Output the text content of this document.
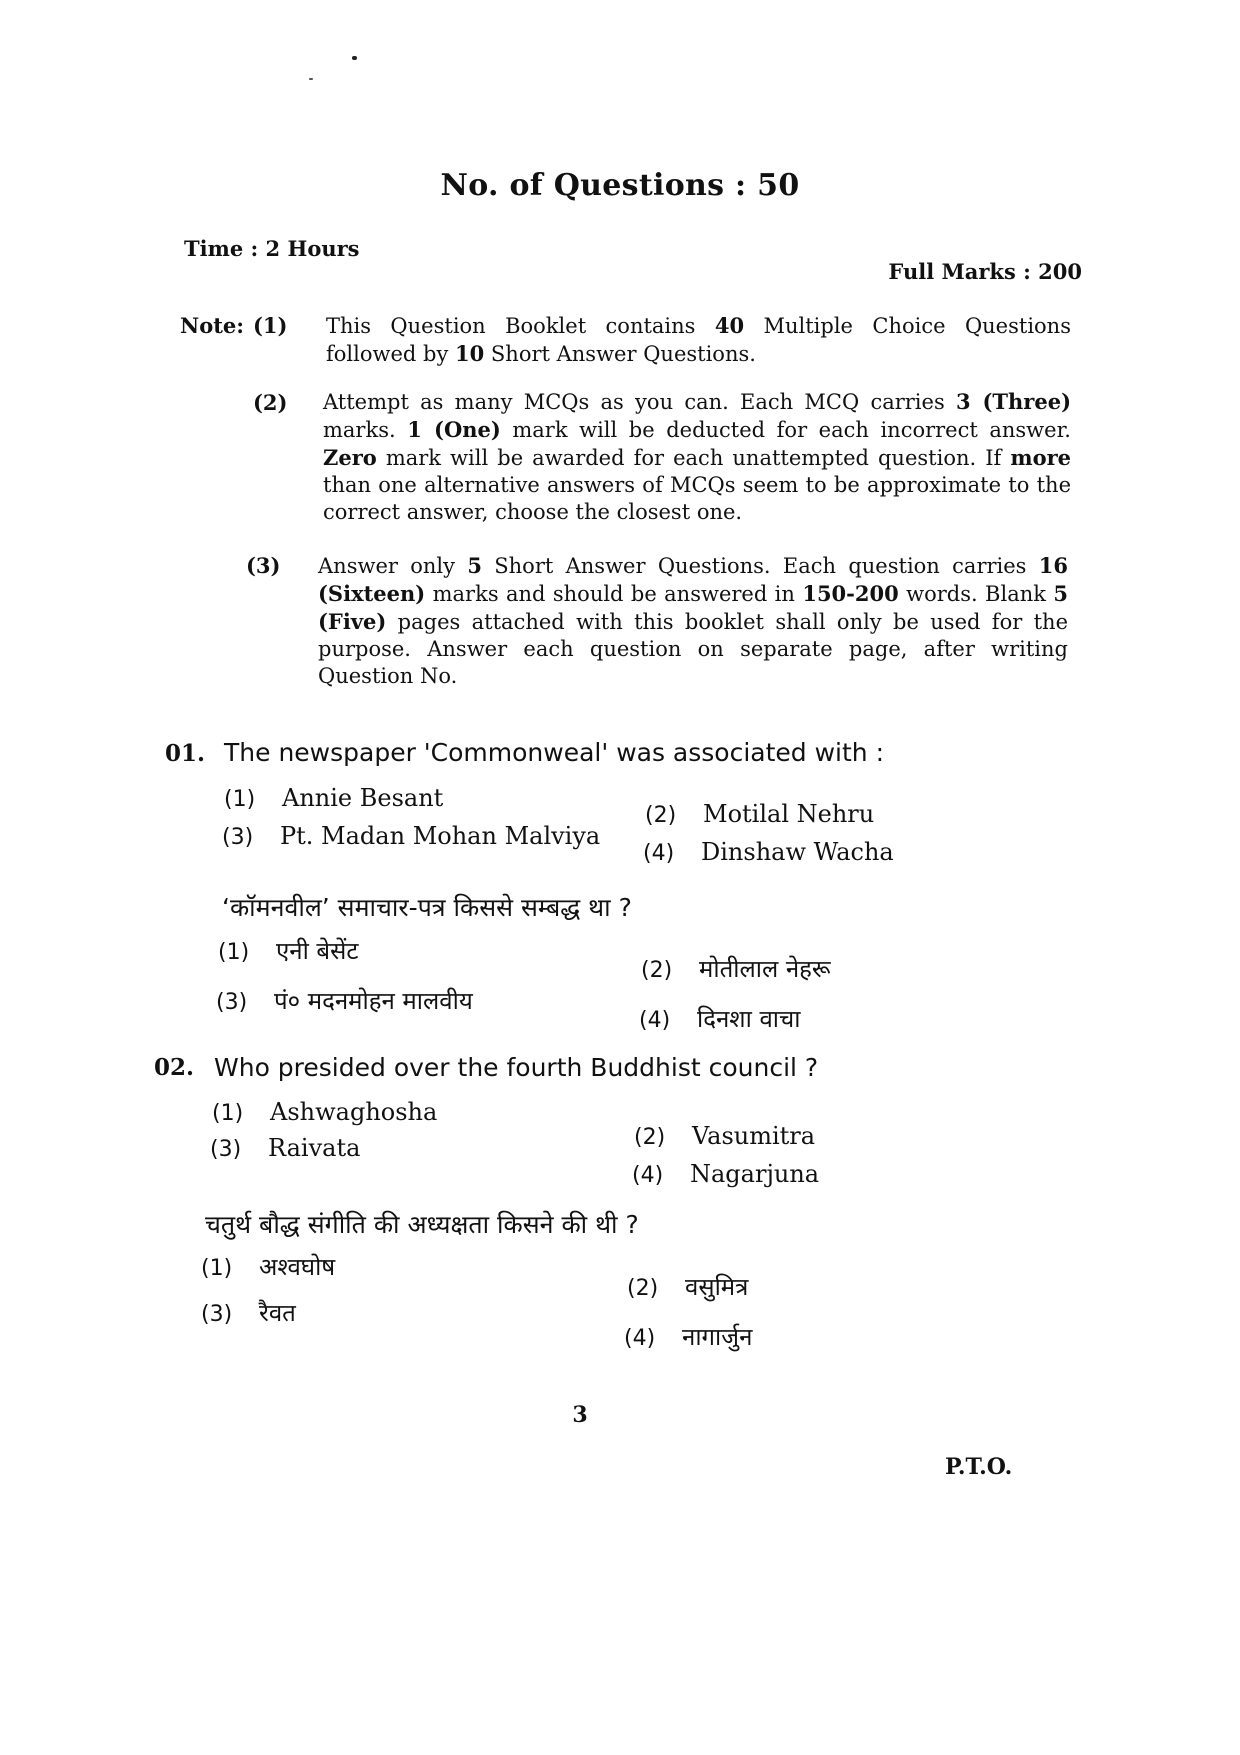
No. of Questions : 50
Time : 2 Hours
Full Marks : 200
Note: (1) This Question Booklet contains 40 Multiple Choice Questions followed by 10 Short Answer Questions.
(2) Attempt as many MCQs as you can. Each MCQ carries 3 (Three) marks. 1 (One) mark will be deducted for each incorrect answer. Zero mark will be awarded for each unattempted question. If more than one alternative answers of MCQs seem to be approximate to the correct answer, choose the closest one.
(3) Answer only 5 Short Answer Questions. Each question carries 16 (Sixteen) marks and should be answered in 150-200 words. Blank 5 (Five) pages attached with this booklet shall only be used for the purpose. Answer each question on separate page, after writing Question No.
01. The newspaper 'Commonweal' was associated with :
(1)	Annie Besant
(2)	Motilal Nehru
(3)	Pt. Madan Mohan Malviya
(4)	Dinshaw Wacha
‘कॉमनवील’ समाचार-पत्र किससे सम्बद्ध था ?
(1)	एनी बेसेंट
(2)	मोतीलाल नेहरू
(3)	पं० मदनमोहन मालवीय
(4)	दिनशा वाचा
02. Who presided over the fourth Buddhist council ?
(1)	Ashwaghosha
(2)	Vasumitra
(3)	Raivata
(4)	Nagarjuna
चतुर्थ बौद्ध संगीति की अध्यक्षता किसने की थी ?
(1)	अश्वघोष
(2)	वसुमित्र
(3)	रैवत
(4)	नागार्जुन
3
P.T.O.
